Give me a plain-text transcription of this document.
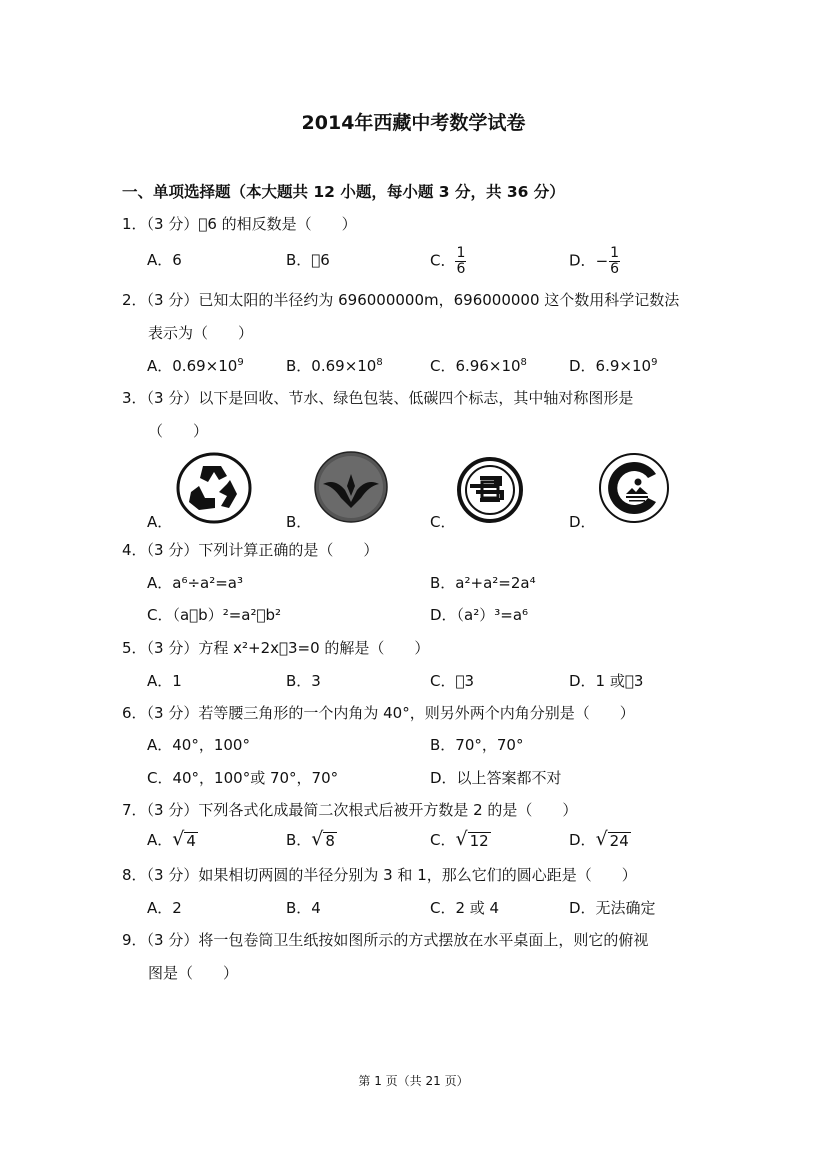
2014年西藏中考数学试卷
一、单项选择题（本大题共 12 小题，每小题 3 分，共 36 分）
1．（3 分）􏰀6 的相反数是（　　）
A．6	B．􏰀6	C． $\frac{1}{6}$	D．− $\frac{1}{6}$
2．（3 分）已知太阳的半径约为 696000000m，696000000 这个数用科学记数法
表示为（　　）
A．$0.69\times 10^9$	B．$0.69\times 10^8$	C．$6.96\times 10^8$	D．$6.9\times 10^9$
3．（3 分）以下是回收、节水、绿色包装、低碳四个标志，其中轴对称图形是
（　　）
A．	B．	C．	D．
4．（3 分）下列计算正确的是（　　）
A．a⁶÷a²=a³	B．a²+a²=2a⁴
C．（a􏰀b）²=a²􏰀b²	D．（a²）³=a⁶
5．（3 分）方程 x²+2x􏰀3=0 的解是（　　）
A．1	B．3	C．􏰀3	D．1 或􏰀3
6．（3 分）若等腰三角形的一个内角为 40°，则另外两个内角分别是（　　）
A．40°，100°	B．70°，70°
C．40°，100°或 70°，70°	D．以上答案都不对
7．（3 分）下列各式化成最简二次根式后被开方数是 2 的是（　　）
A． √ 4	B． √ 8	C． √ 12	D． √ 24
8．（3 分）如果相切两圆的半径分别为 3 和 1，那么它们的圆心距是（　　）
A．2	B．4	C．2 或 4	D．无法确定
9．（3 分）将一包卷筒卫生纸按如图所示的方式摆放在水平桌面上，则它的俯视
图是（　　）
第 1 页（共 21 页）
